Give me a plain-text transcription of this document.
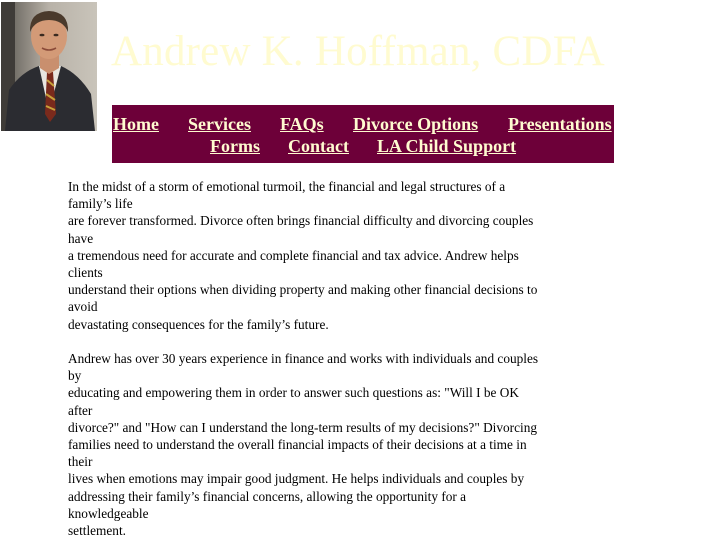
Andrew K. Hoffman, CDFA
Home Services FAQs Divorce Options Presentations
Forms Contact LA Child Support

In the midst of a storm of emotional turmoil, the financial and legal structures of a
family’s life
are forever transformed. Divorce often brings financial difficulty and divorcing couples
have
a tremendous need for accurate and complete financial and tax advice. Andrew helps
clients
understand their options when dividing property and making other financial decisions to
avoid
devastating consequences for the family’s future.

Andrew has over 30 years experience in finance and works with individuals and couples
by
educating and empowering them in order to answer such questions as: "Will I be OK
after
divorce?" and "How can I understand the long-term results of my decisions?" Divorcing
families need to understand the overall financial impacts of their decisions at a time in
their
lives when emotions may impair good judgment. He helps individuals and couples by
addressing their family’s financial concerns, allowing the opportunity for a
knowledgeable
settlement.
